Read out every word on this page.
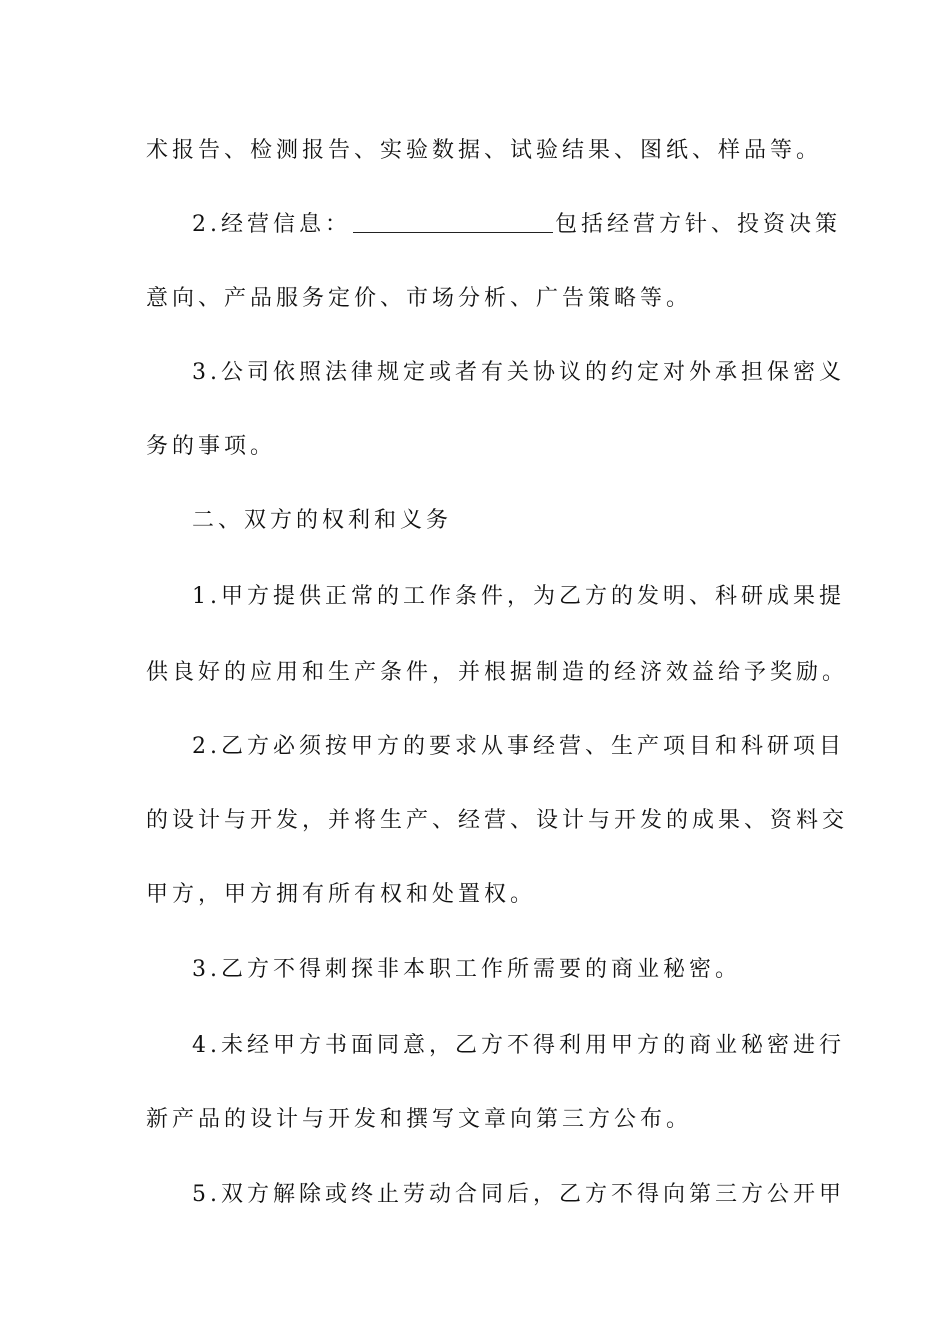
术报告、检测报告、实验数据、试验结果、图纸、样品等。
2.经营信息：	包括经营方针、投资决策
意向、产品服务定价、市场分析、广告策略等。
3.公司依照法律规定或者有关协议的约定对外承担保密义
务的事项。
二、双方的权利和义务
1.甲方提供正常的工作条件，为乙方的发明、科研成果提
供良好的应用和生产条件，并根据制造的经济效益给予奖励。
2.乙方必须按甲方的要求从事经营、生产项目和科研项目
的设计与开发，并将生产、经营、设计与开发的成果、资料交
甲方，甲方拥有所有权和处置权。
3.乙方不得刺探非本职工作所需要的商业秘密。
4.未经甲方书面同意，乙方不得利用甲方的商业秘密进行
新产品的设计与开发和撰写文章向第三方公布。
5.双方解除或终止劳动合同后，乙方不得向第三方公开甲
